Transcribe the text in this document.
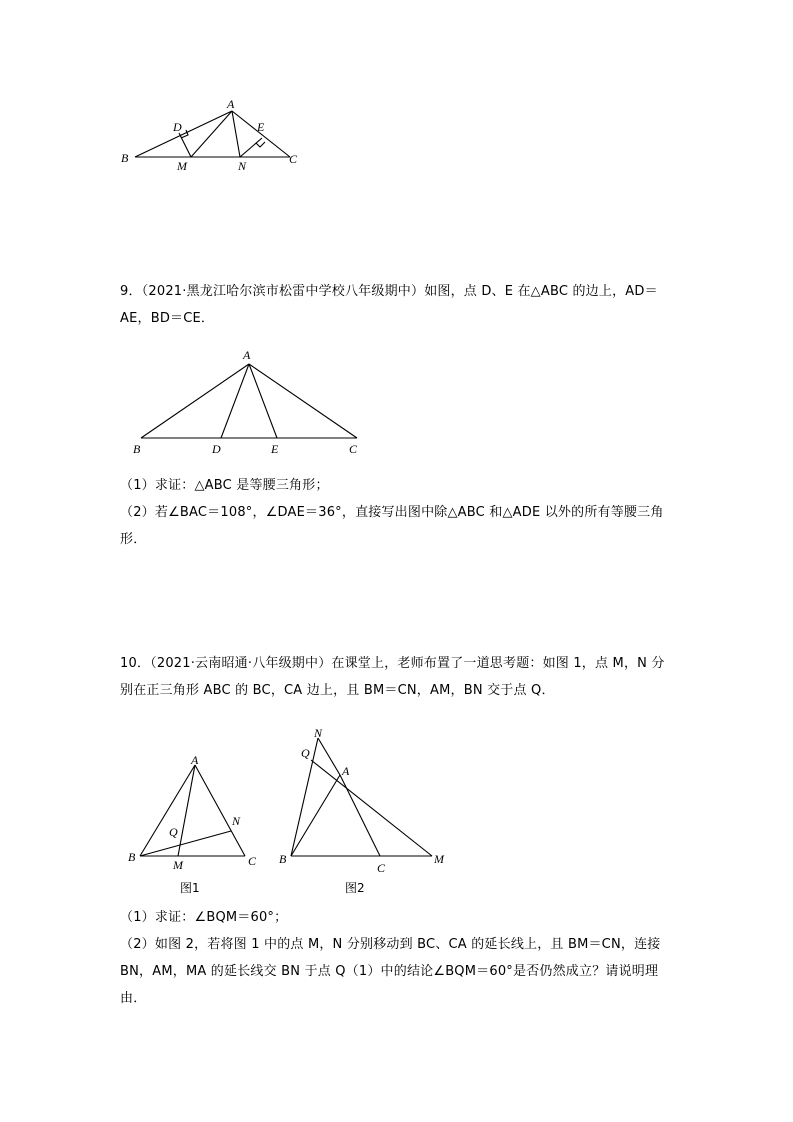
A
D	E
B
M	N	C

9．（2021·黑龙江哈尔滨市松雷中学校八年级期中）如图，点 D、E 在△ABC 的边上，AD＝

AE，BD＝CE．

A
B	D	E	C

（1）求证：△ABC 是等腰三角形；

（2）若∠BAC＝108°，∠DAE＝36°，直接写出图中除△ABC 和△ADE 以外的所有等腰三角

形．

10．（2021·云南昭通·八年级期中）在课堂上，老师布置了一道思考题：如图 1，点 M，N 分

别在正三角形 ABC 的 BC，CA 边上，且 BM＝CN，AM，BN 交于点 Q．

A
N
Q
B
M	C
图1
N
Q
A
B
C
M
图2

（1）求证：∠BQM＝60°；

（2）如图 2，若将图 1 中的点 M，N 分别移动到 BC、CA 的延长线上，且 BM＝CN，连接

BN，AM，MA 的延长线交 BN 于点 Q（1）中的结论∠BQM＝60°是否仍然成立？请说明理

由．
